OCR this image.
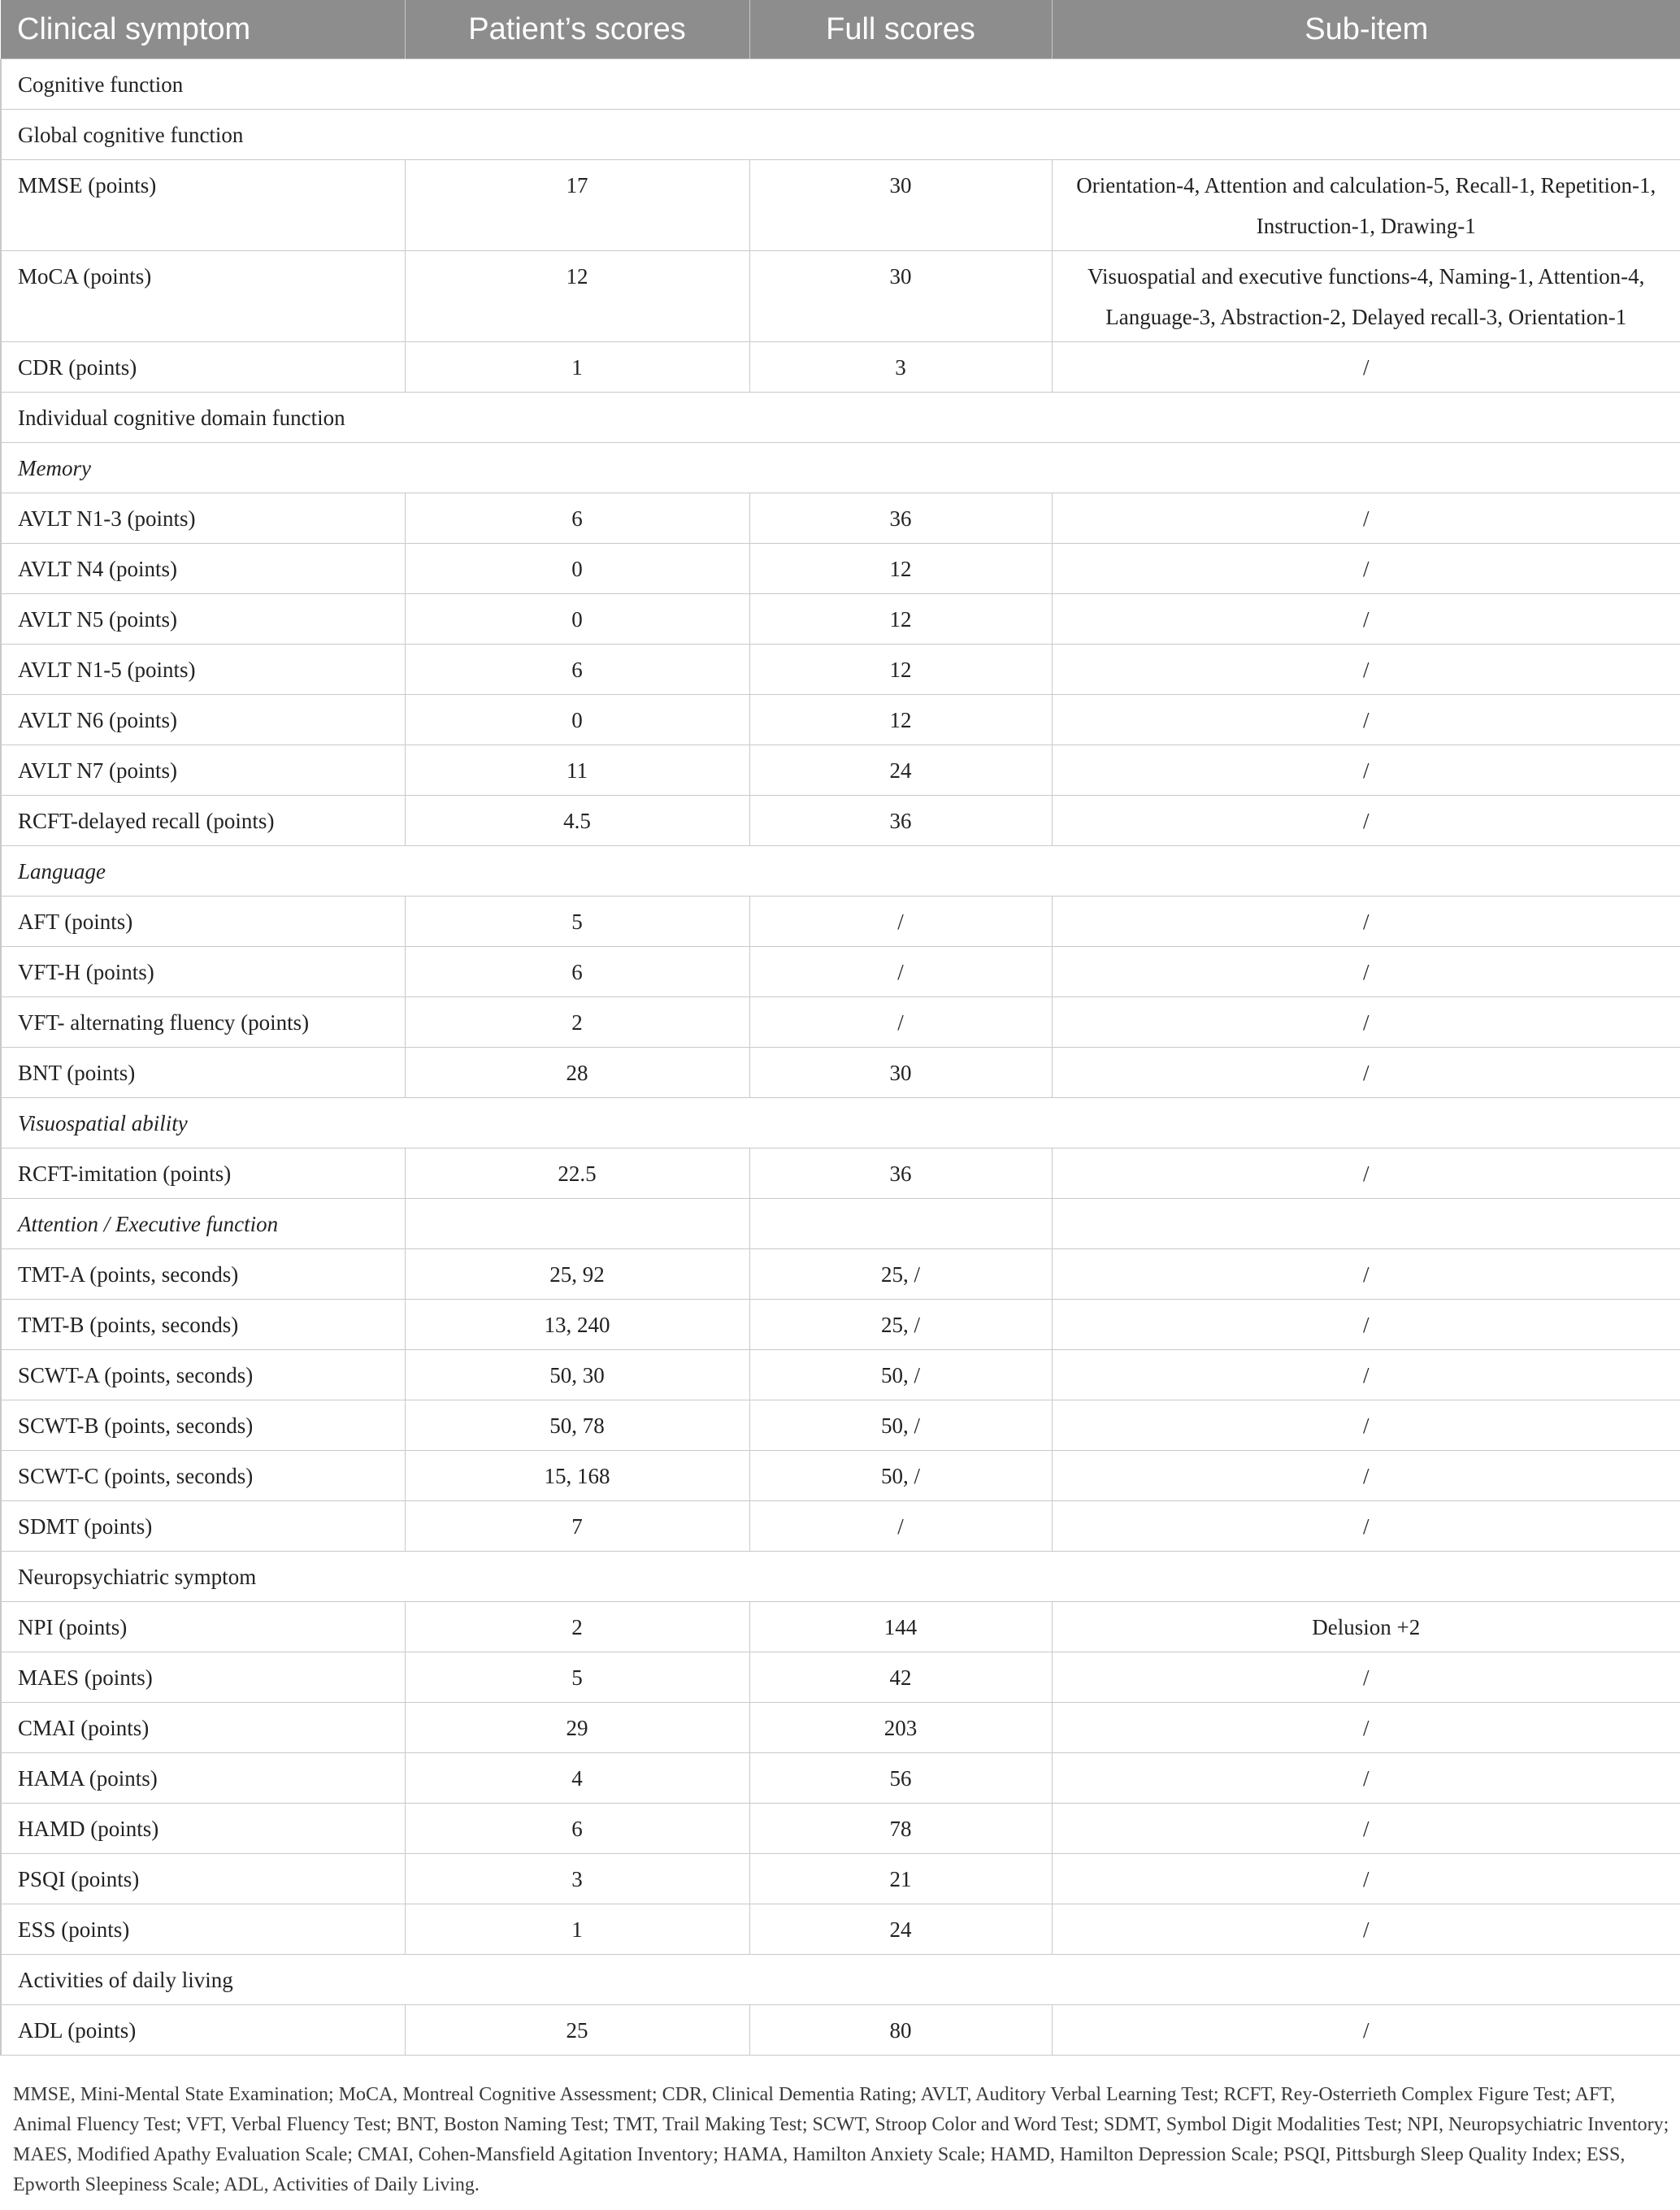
Clinical symptom	Patient’s scores	Full scores	Sub-item
Cognitive function			
Global cognitive function			
MMSE (points)	17	30	Orientation-4, Attention and calculation-5, Recall-1, Repetition-1, Instruction-1, Drawing-1
MoCA (points)	12	30	Visuospatial and executive functions-4, Naming-1, Attention-4, Language-3, Abstraction-2, Delayed recall-3, Orientation-1
CDR (points)	1	3	/
Individual cognitive domain function			
Memory			
AVLT N1-3 (points)	6	36	/
AVLT N4 (points)	0	12	/
AVLT N5 (points)	0	12	/
AVLT N1-5 (points)	6	12	/
AVLT N6 (points)	0	12	/
AVLT N7 (points)	11	24	/
RCFT-delayed recall (points)	4.5	36	/
Language			
AFT (points)	5	/	/
VFT-H (points)	6	/	/
VFT- alternating fluency (points)	2	/	/
BNT (points)	28	30	/
Visuospatial ability			
RCFT-imitation (points)	22.5	36	/
Attention / Executive function			
TMT-A (points, seconds)	25, 92	25, /	/
TMT-B (points, seconds)	13, 240	25, /	/
SCWT-A (points, seconds)	50, 30	50, /	/
SCWT-B (points, seconds)	50, 78	50, /	/
SCWT-C (points, seconds)	15, 168	50, /	/
SDMT (points)	7	/	/
Neuropsychiatric symptom			
NPI (points)	2	144	Delusion +2
MAES (points)	5	42	/
CMAI (points)	29	203	/
HAMA (points)	4	56	/
HAMD (points)	6	78	/
PSQI (points)	3	21	/
ESS (points)	1	24	/
Activities of daily living			
ADL (points)	25	80	/
MMSE, Mini-Mental State Examination; MoCA, Montreal Cognitive Assessment; CDR, Clinical Dementia Rating; AVLT, Auditory Verbal Learning Test; RCFT, Rey-Osterrieth Complex Figure Test; AFT, Animal Fluency Test; VFT, Verbal Fluency Test; BNT, Boston Naming Test; TMT, Trail Making Test; SCWT, Stroop Color and Word Test; SDMT, Symbol Digit Modalities Test; NPI, Neuropsychiatric Inventory; MAES, Modified Apathy Evaluation Scale; CMAI, Cohen-Mansfield Agitation Inventory; HAMA, Hamilton Anxiety Scale; HAMD, Hamilton Depression Scale; PSQI, Pittsburgh Sleep Quality Index; ESS, Epworth Sleepiness Scale; ADL, Activities of Daily Living.
